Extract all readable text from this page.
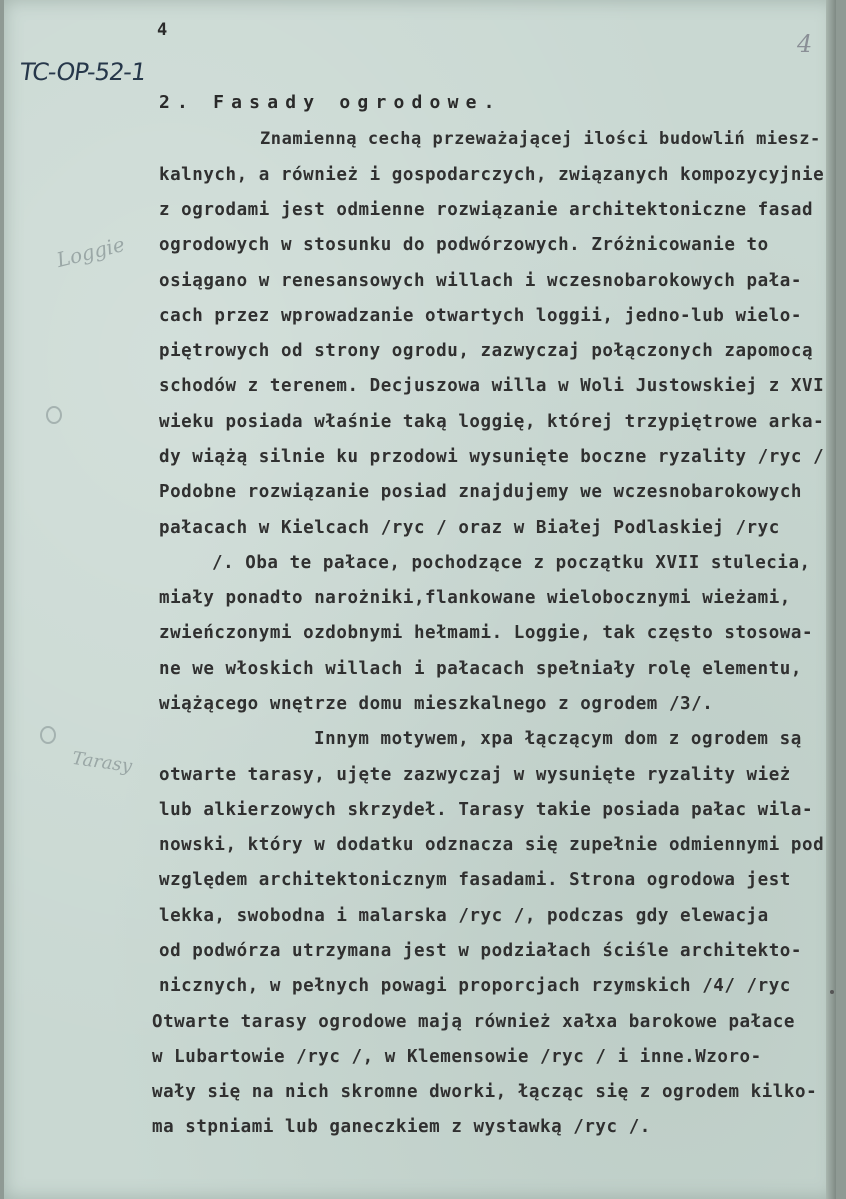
4
TC-OP-52-1
4
Loggie
Tarasy
2. Fasady ogrodowe.
Znamienną cechą przeważającej ilości budowliń miesz-
kalnych, a również i gospodarczych, związanych kompozycyjnie
z ogrodami jest odmienne rozwiązanie architektoniczne fasad
ogrodowych w stosunku do podwórzowych. Zróżnicowanie to
osiągano w renesansowych willach i wczesnobarokowych pała-
cach przez wprowadzanie otwartych loggii, jedno-lub wielo-
piętrowych od strony ogrodu, zazwyczaj połączonych zapomocą
schodów z terenem. Decjuszowa willa w Woli Justowskiej z XVI
wieku posiada właśnie taką loggię, której trzypiętrowe arka-
dy wiążą silnie ku przodowi wysunięte boczne ryzality /ryc /
Podobne rozwiązanie posiad znajdujemy we wczesnobarokowych
pałacach w Kielcach /ryc / oraz w Białej Podlaskiej /ryc
/. Oba te pałace, pochodzące z początku XVII stulecia,
miały ponadto narożniki,flankowane wielobocznymi wieżami,
zwieńczonymi ozdobnymi hełmami. Loggie, tak często stosowa-
ne we włoskich willach i pałacach spełniały rolę elementu,
wiążącego wnętrze domu mieszkalnego z ogrodem /3/.
Innym motywem, xpa łączącym dom z ogrodem są
otwarte tarasy, ujęte zazwyczaj w wysunięte ryzality wież
lub alkierzowych skrzydeł. Tarasy takie posiada pałac wila-
nowski, który w dodatku odznacza się zupełnie odmiennymi pod
względem architektonicznym fasadami. Strona ogrodowa jest
lekka, swobodna i malarska /ryc /, podczas gdy elewacja
od podwórza utrzymana jest w podziałach ściśle architekto-
nicznych, w pełnych powagi proporcjach rzymskich /4/ /ryc
Otwarte tarasy ogrodowe mają również xałxa barokowe pałace
w Lubartowie /ryc /, w Klemensowie /ryc / i inne.Wzoro-
wały się na nich skromne dworki, łącząc się z ogrodem kilko-
ma stpniami lub ganeczkiem z wystawką /ryc /.
